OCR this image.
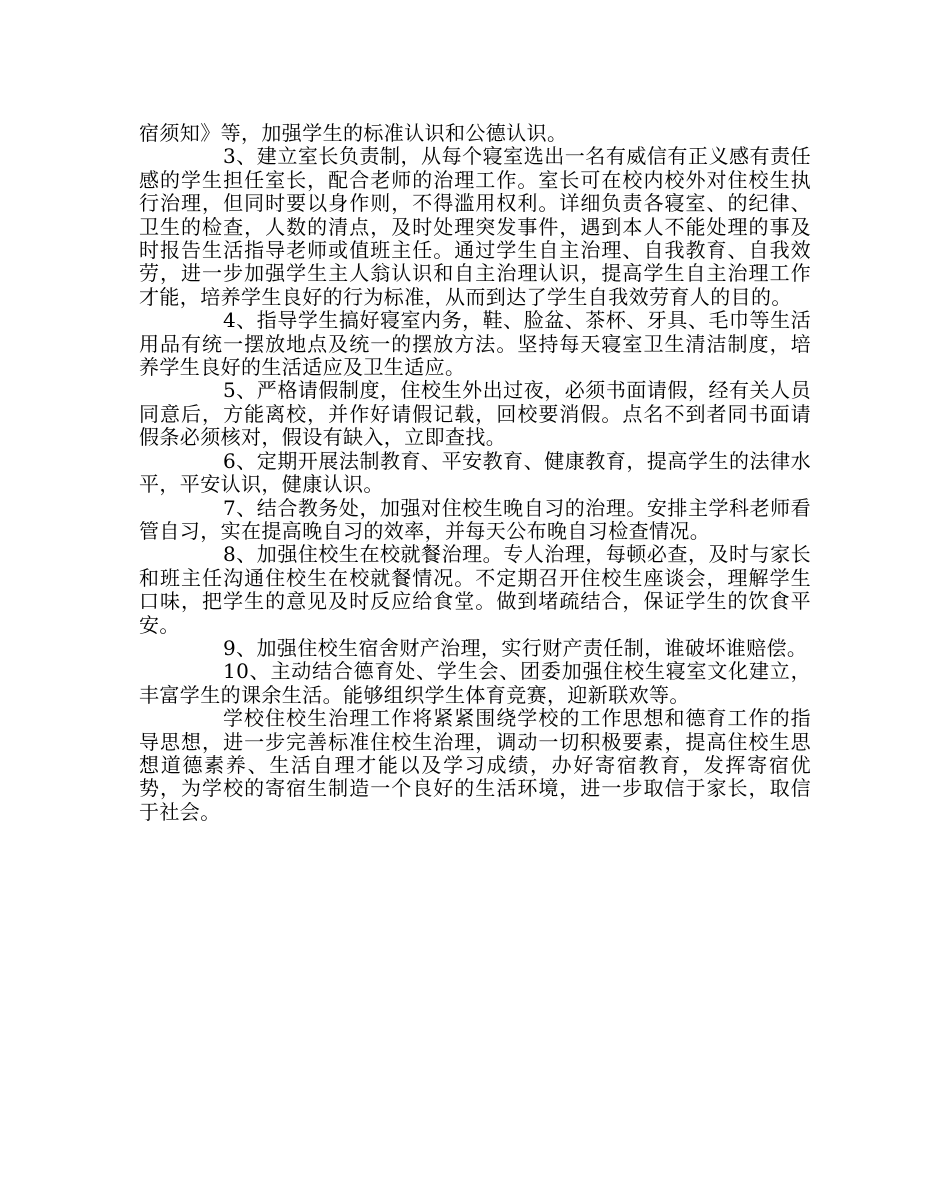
宿须知》等，加强学生的标准认识和公德认识。

3、建立室长负责制，从每个寝室选出一名有威信有正义感有责任感的学生担任室长，配合老师的治理工作。室长可在校内校外对住校生执行治理，但同时要以身作则，不得滥用权利。详细负责各寝室、的纪律、卫生的检查，人数的清点，及时处理突发事件，遇到本人不能处理的事及时报告生活指导老师或值班主任。通过学生自主治理、自我教育、自我效劳，进一步加强学生主人翁认识和自主治理认识，提高学生自主治理工作才能，培养学生良好的行为标准，从而到达了学生自我效劳育人的目的。

4、指导学生搞好寝室内务，鞋、脸盆、茶杯、牙具、毛巾等生活用品有统一摆放地点及统一的摆放方法。坚持每天寝室卫生清洁制度，培养学生良好的生活适应及卫生适应。

5、严格请假制度，住校生外出过夜，必须书面请假，经有关人员同意后，方能离校，并作好请假记载，回校要消假。点名不到者同书面请假条必须核对，假设有缺入，立即查找。

6、定期开展法制教育、平安教育、健康教育，提高学生的法律水平，平安认识，健康认识。

7、结合教务处，加强对住校生晚自习的治理。安排主学科老师看管自习，实在提高晚自习的效率，并每天公布晚自习检查情况。

8、加强住校生在校就餐治理。专人治理，每顿必查，及时与家长和班主任沟通住校生在校就餐情况。不定期召开住校生座谈会，理解学生口味，把学生的意见及时反应给食堂。做到堵疏结合，保证学生的饮食平安。

9、加强住校生宿舍财产治理，实行财产责任制，谁破坏谁赔偿。

10、主动结合德育处、学生会、团委加强住校生寝室文化建立，丰富学生的课余生活。能够组织学生体育竞赛，迎新联欢等。

学校住校生治理工作将紧紧围绕学校的工作思想和德育工作的指导思想，进一步完善标准住校生治理，调动一切积极要素，提高住校生思想道德素养、生活自理才能以及学习成绩，办好寄宿教育，发挥寄宿优势，为学校的寄宿生制造一个良好的生活环境，进一步取信于家长，取信于社会。
